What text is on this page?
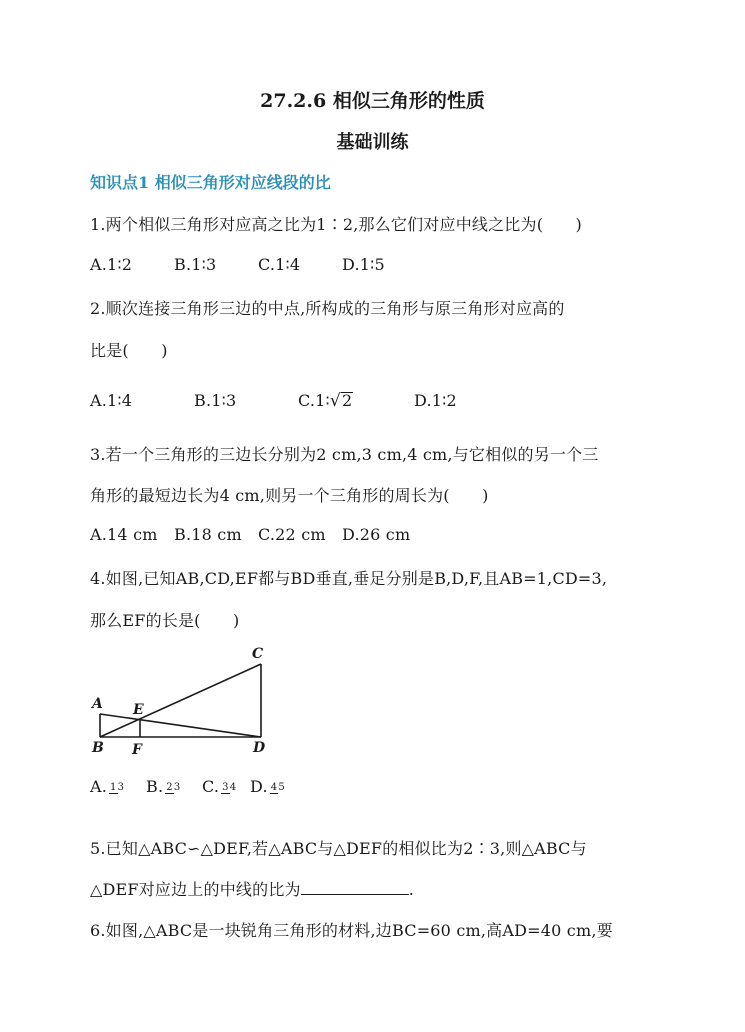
27.2.6 相似三角形的性质
基础训练
知识点1 相似三角形对应线段的比
1.两个相似三角形对应高之比为1∶2,那么它们对应中线之比为(　　)
A.1∶2	B.1∶3	C.1∶4	D.1∶5
2.顺次连接三角形三边的中点,所构成的三角形与原三角形对应高的
比是(　　)
A.1∶4	B.1∶3	C.1∶√2	D.1∶2
3.若一个三角形的三边长分别为2 cm,3 cm,4 cm,与它相似的另一个三
角形的最短边长为4 cm,则另一个三角形的周长为(　　)
A.14 cm B.18 cm C.22 cm D.26 cm
4.如图,已知AB,CD,EF都与BD垂直,垂足分别是B,D,F,且AB=1,CD=3,
那么EF的长是(　　)
A
B
C
D
E
F
A. 13 B. 23 C. 34 D. 45
5.已知△ABC∽△DEF,若△ABC与△DEF的相似比为2∶3,则△ABC与
△DEF对应边上的中线的比为	.
6.如图,△ABC是一块锐角三角形的材料,边BC=60 cm,高AD=40 cm,要
